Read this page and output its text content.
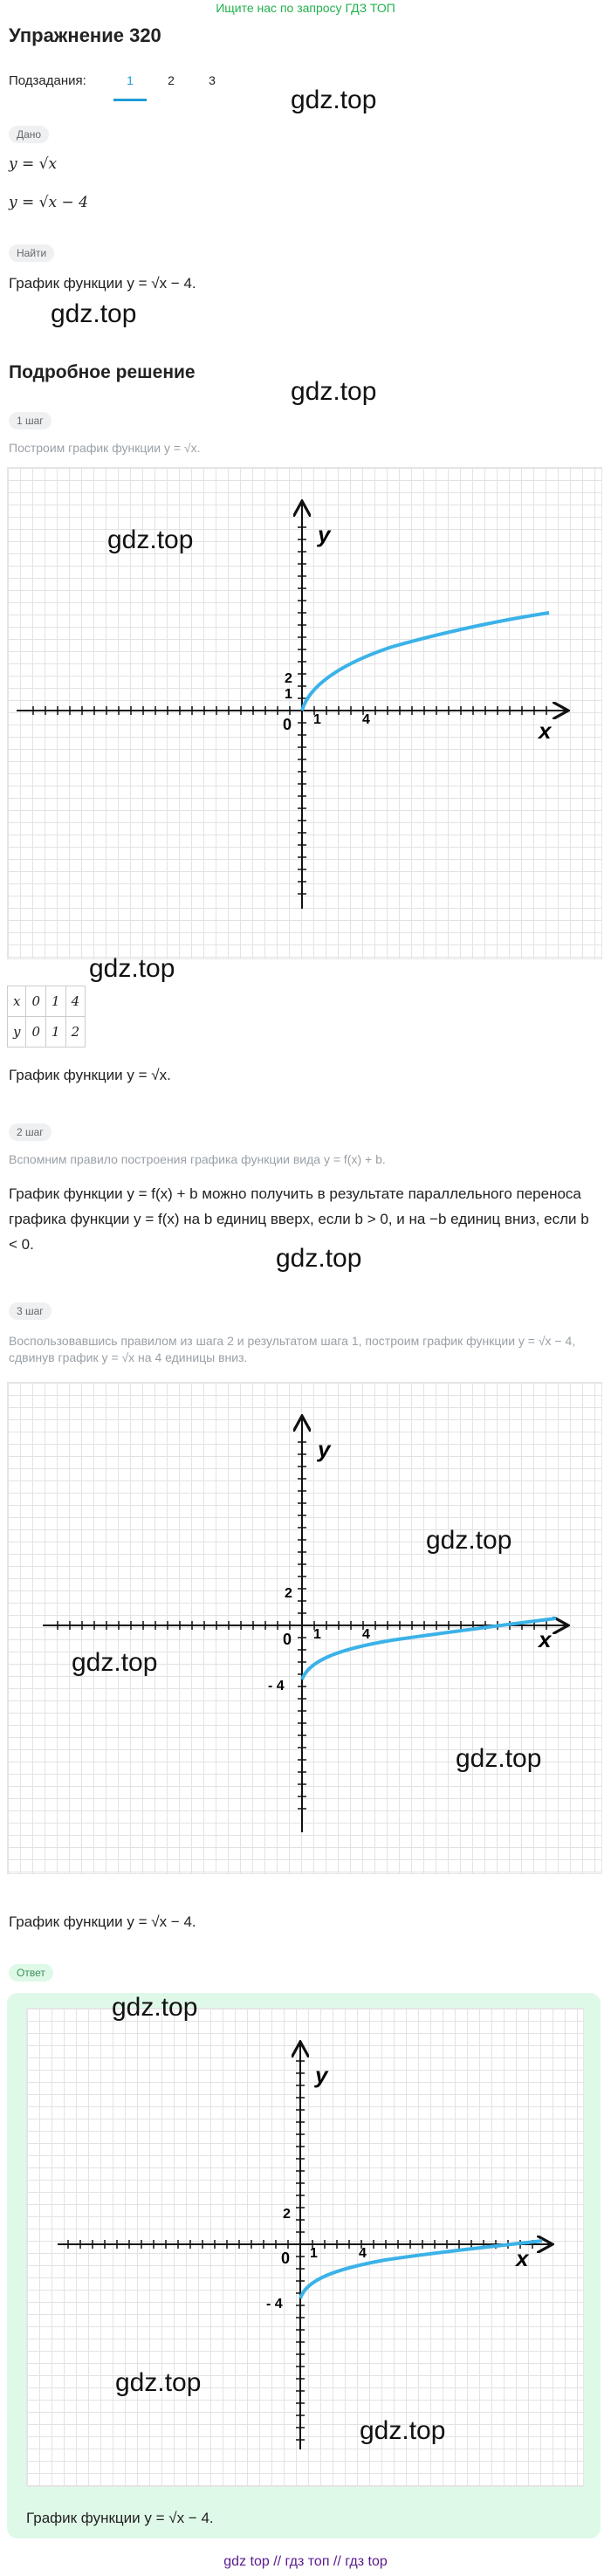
Ищите нас по запросу ГДЗ ТОП
Упражнение 320
Подзадания:	1	2	3
gdz.top
Дано
y = √x
y = √x − 4
Найти
График функции y = √x − 4.
gdz.top
Подробное решение
gdz.top
1 шаг
Построим график функции y = √x.
y
x
2
1
0 1	4
gdz.top
gdz.top
x	0	1	4
y	0	1	2
График функции y = √x.
2 шаг
Вспомним правило построения графика функции вида y = f(x) + b.
График функции y = f(x) + b можно получить в результате параллельного переноса графика функции y = f(x) на b единиц вверх, если b > 0, и на −b единиц вниз, если b < 0.	gdz.top
3 шаг
Воспользовавшись правилом из шага 2 и результатом шага 1, построим график функции y = √x − 4, сдвинув график y = √x на 4 единицы вниз.
y
x
2
0 1	4
- 4
gdz.top
gdz.top
gdz.top
График функции y = √x − 4.
Ответ
y
x
2
0 1	4
- 4
gdz.top
gdz.top
gdz.top
График функции y = √x − 4.
gdz top // гдз топ // гдз top
